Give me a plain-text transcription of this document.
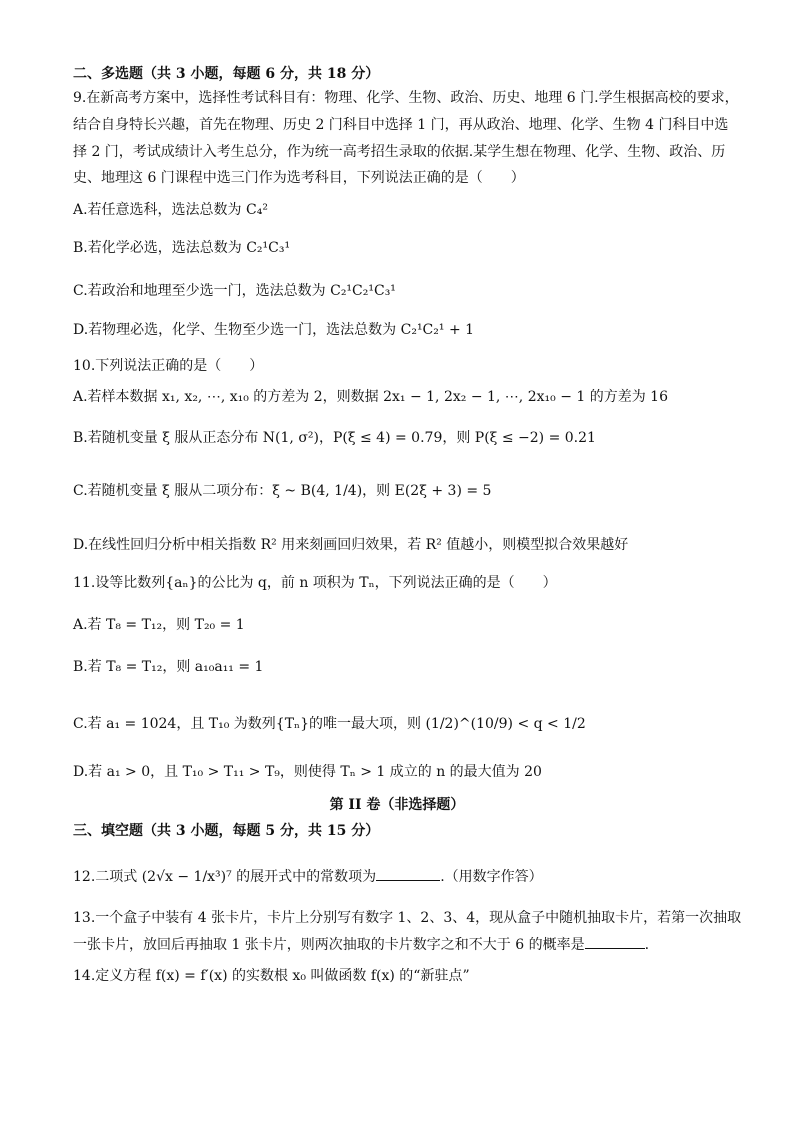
二、多选题（共 3 小题，每题 6 分，共 18 分）
9.在新高考方案中，选择性考试科目有：物理、化学、生物、政治、历史、地理 6 门.学生根据高校的要求，
结合自身特长兴趣，首先在物理、历史 2 门科目中选择 1 门，再从政治、地理、化学、生物 4 门科目中选
择 2 门，考试成绩计入考生总分，作为统一高考招生录取的依据.某学生想在物理、化学、生物、政治、历
史、地理这 6 门课程中选三门作为选考科目，下列说法正确的是（　　）
A.若任意选科，选法总数为 C₄²
B.若化学必选，选法总数为 C₂¹C₃¹
C.若政治和地理至少选一门，选法总数为 C₂¹C₂¹C₃¹
D.若物理必选，化学、生物至少选一门，选法总数为 C₂¹C₂¹ + 1
10.下列说法正确的是（　　）
A.若样本数据 x₁, x₂, ⋯, x₁₀ 的方差为 2，则数据 2x₁ − 1, 2x₂ − 1, ⋯, 2x₁₀ − 1 的方差为 16
B.若随机变量 ξ 服从正态分布 N(1, σ²)，P(ξ ≤ 4) = 0.79，则 P(ξ ≤ −2) = 0.21
C.若随机变量 ξ 服从二项分布：ξ ~ B(4, 1/4)，则 E(2ξ + 3) = 5
D.在线性回归分析中相关指数 R² 用来刻画回归效果，若 R² 值越小，则模型拟合效果越好
11.设等比数列{aₙ}的公比为 q，前 n 项积为 Tₙ，下列说法正确的是（　　）
A.若 T₈ = T₁₂，则 T₂₀ = 1
B.若 T₈ = T₁₂，则 a₁₀a₁₁ = 1
C.若 a₁ = 1024，且 T₁₀ 为数列{Tₙ}的唯一最大项，则 (1/2)^(10/9) < q < 1/2
D.若 a₁ > 0，且 T₁₀ > T₁₁ > T₉，则使得 Tₙ > 1 成立的 n 的最大值为 20
第 II 卷（非选择题）
三、填空题（共 3 小题，每题 5 分，共 15 分）
12.二项式 (2√x − 1/x³)⁷ 的展开式中的常数项为	.（用数字作答）
13.一个盒子中装有 4 张卡片，卡片上分别写有数字 1、2、3、4，现从盒子中随机抽取卡片，若第一次抽取
一张卡片，放回后再抽取 1 张卡片，则两次抽取的卡片数字之和不大于 6 的概率是	.
14.定义方程 f(x) = f′(x) 的实数根 x₀ 叫做函数 f(x) 的“新驻点”
